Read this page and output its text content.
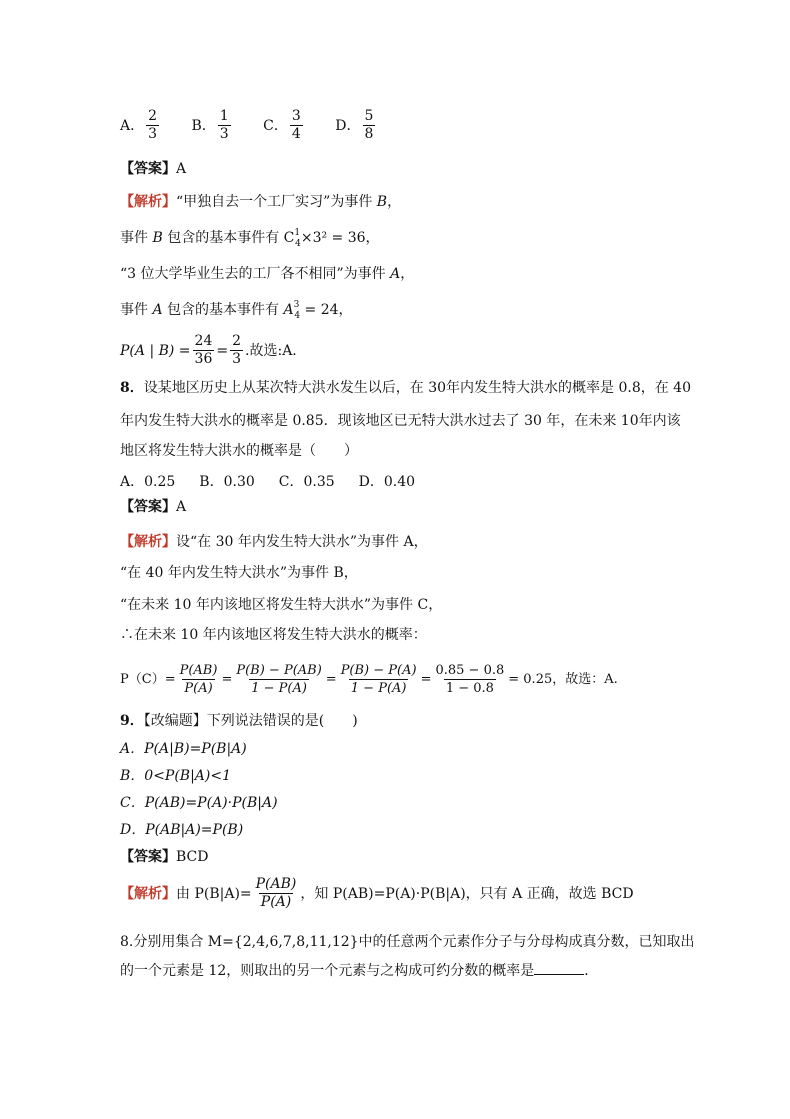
A． $\frac{2}{3}$
B． $\frac{1}{3}$
C． $\frac{3}{4}$
D． $\frac{5}{8}$
【答案】A
【解析】“甲独自去一个工厂实习”为事件 B，
事件 B 包含的基本事件有 $C^1_4\times 3^2 = 36$，
“3 位大学毕业生去的工厂各不相同”为事件 A，
事件 A 包含的基本事件有 $A^3_4 = 24$，
P(A | $B) = \frac{24}{36} = \frac{2}{3}$ .故选:A.
8．设某地区历史上从某次特大洪水发生以后，在 30年内发生特大洪水的概率是 0.8，在 40
年内发生特大洪水的概率是 0.85．现该地区已无特大洪水过去了 30 年，在未来 10年内该
地区将发生特大洪水的概率是（　　）
A．0.25 B．0.30 C．0.35 D．0.40
【答案】A
【解析】设“在 30 年内发生特大洪水”为事件 A，
“在 40 年内发生特大洪水”为事件 B，
“在未来 10 年内该地区将发生特大洪水”为事件 C，
∴在未来 10 年内该地区将发生特大洪水的概率：
$P(C)= \frac{P(AB)}{P(A)} = \frac{P(B) - P(AB)}{1 - P(A)} = \frac{P(B) - P(A)}{1 - P(A)} = \frac{0.85 - 0.8}{1 - 0.8} = 0.25$，故选：A.
9．【改编题】下列说法错误的是(　　)
A．P(A|B)=P(B|A)
B．0<P(B|A)<1
C．P(AB)=P(A)·P(B|A)
D．P(AB|A)=P(B)
【答案】BCD
【解析】 由 $P(B|A)= \frac{P(AB)}{P(A)}$ ，知 P(AB)=P(A)·P(B|A)，只有 A 正确，故选 BCD
8.分别用集合 M={2,4,6,7,8,11,12}中的任意两个元素作分子与分母构成真分数，已知取出
的一个元素是 12，则取出的另一个元素与之构成可约分数的概率是	．
